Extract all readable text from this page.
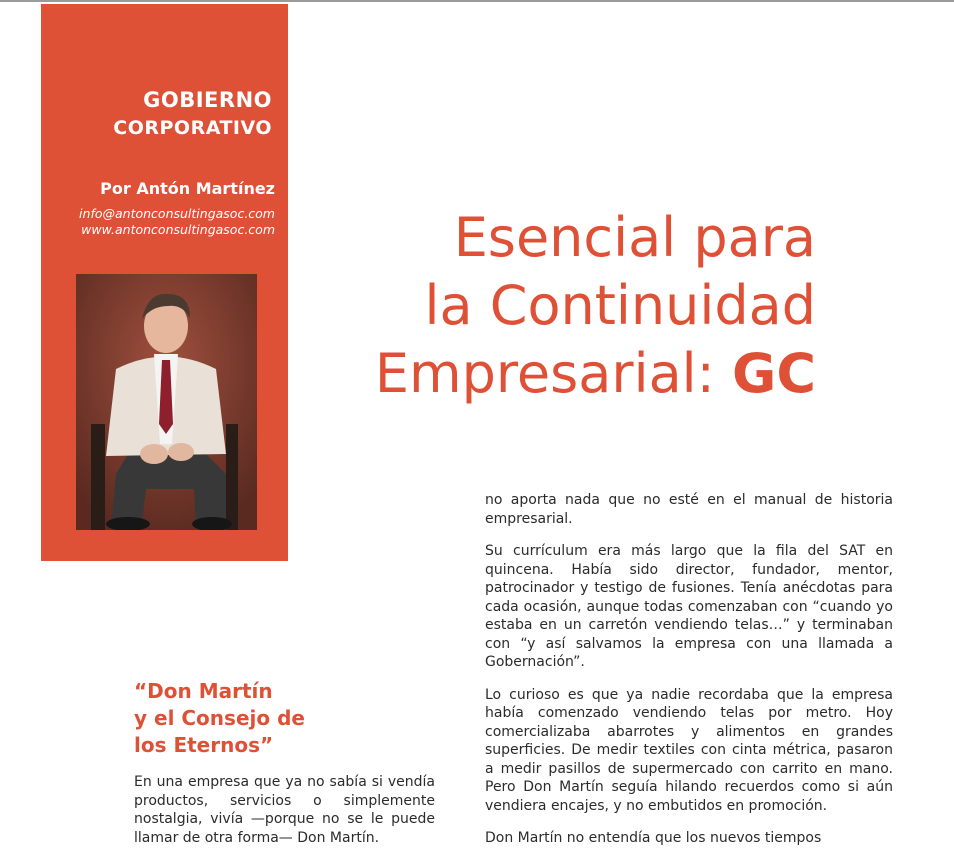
GOBIERNO
CORPORATIVO
Por Antón Martínez
info@antonconsultingasoc.com
www.antonconsultingasoc.com	Esencial para
la Continuidad
Empresarial: GC
“Don Martín
y el Consejo de
los Eternos”

En una empresa que ya no sabía si vendía productos, servicios o simplemente nostalgia, vivía —porque no se le puede llamar de otra forma— Don Martín.

no aporta nada que no esté en el manual de historia empresarial.

Su currículum era más largo que la fila del SAT en quincena. Había sido director, fundador, mentor, patrocinador y testigo de fusiones. Tenía anécdotas para cada ocasión, aunque todas comenzaban con “cuando yo estaba en un carretón vendiendo telas…” y terminaban con “y así salvamos la empresa con una llamada a Gobernación”.

Lo curioso es que ya nadie recordaba que la empresa había comenzado vendiendo telas por metro. Hoy comercializaba abarrotes y alimentos en grandes superficies. De medir textiles con cinta métrica, pasaron a medir pasillos de supermercado con carrito en mano. Pero Don Martín seguía hilando recuerdos como si aún vendiera encajes, y no embutidos en promoción.

Don Martín no entendía que los nuevos tiempos
